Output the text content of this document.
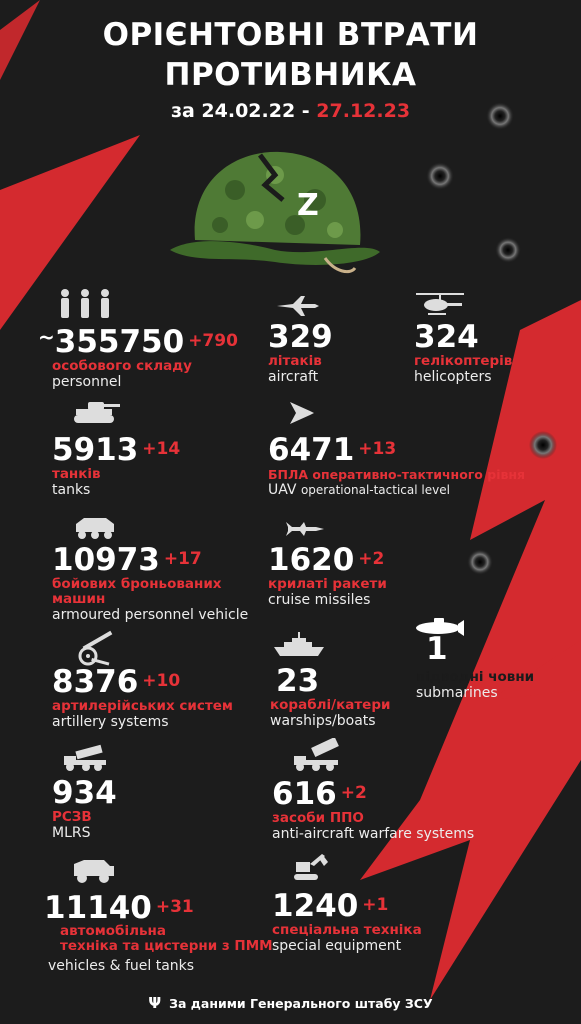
ОРІЄНТОВНІ ВТРАТИ
ПРОТИВНИКА
за 24.02.22 - 27.12.23
Z
~355750 +790
особового складу
personnel
329
літаків
aircraft
324
гелікоптерів
helicopters
5913 +14
танків
tanks
6471 +13
БПЛА оперативно-тактичного рівня
UAV operational-tactical level
10973 +17
бойових броньованих
машин
armoured personnel vehicle
1620 +2
крилаті ракети
cruise missiles
8376 +10
артилерійських систем
artillery systems
23
кораблі/катери
warships/boats
1
підводні човни
submarines
934
РСЗВ
MLRS
616 +2
засоби ППО
anti-aircraft warfare systems
11140 +31
автомобільна
техніка та цистерни з ПММ
vehicles & fuel tanks
1240 +1
спеціальна техніка
special equipment
Ψ За даними Генерального штабу ЗСУ
